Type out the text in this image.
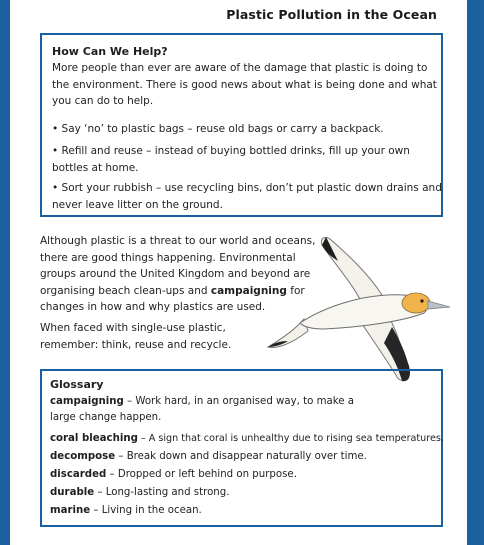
Plastic Pollution in the Ocean
How Can We Help?
More people than ever are aware of the damage that plastic is doing to the environment. There is good news about what is being done and what you can do to help.
• Say ‘no’ to plastic bags – reuse old bags or carry a backpack.
• Refill and reuse – instead of buying bottled drinks, fill up your own bottles at home.
• Sort your rubbish – use recycling bins, don’t put plastic down drains and never leave litter on the ground.
Although plastic is a threat to our world and oceans, there are good things happening. Environmental groups around the United Kingdom and beyond are organising beach clean-ups and campaigning for changes in how and why plastics are used.
When faced with single-use plastic, remember: think, reuse and recycle.
Glossary
campaigning – Work hard, in an organised way, to make a
large change happen.
coral bleaching – A sign that coral is unhealthy due to rising sea temperatures.
decompose – Break down and disappear naturally over time.
discarded – Dropped or left behind on purpose.
durable – Long-lasting and strong.
marine – Living in the ocean.
